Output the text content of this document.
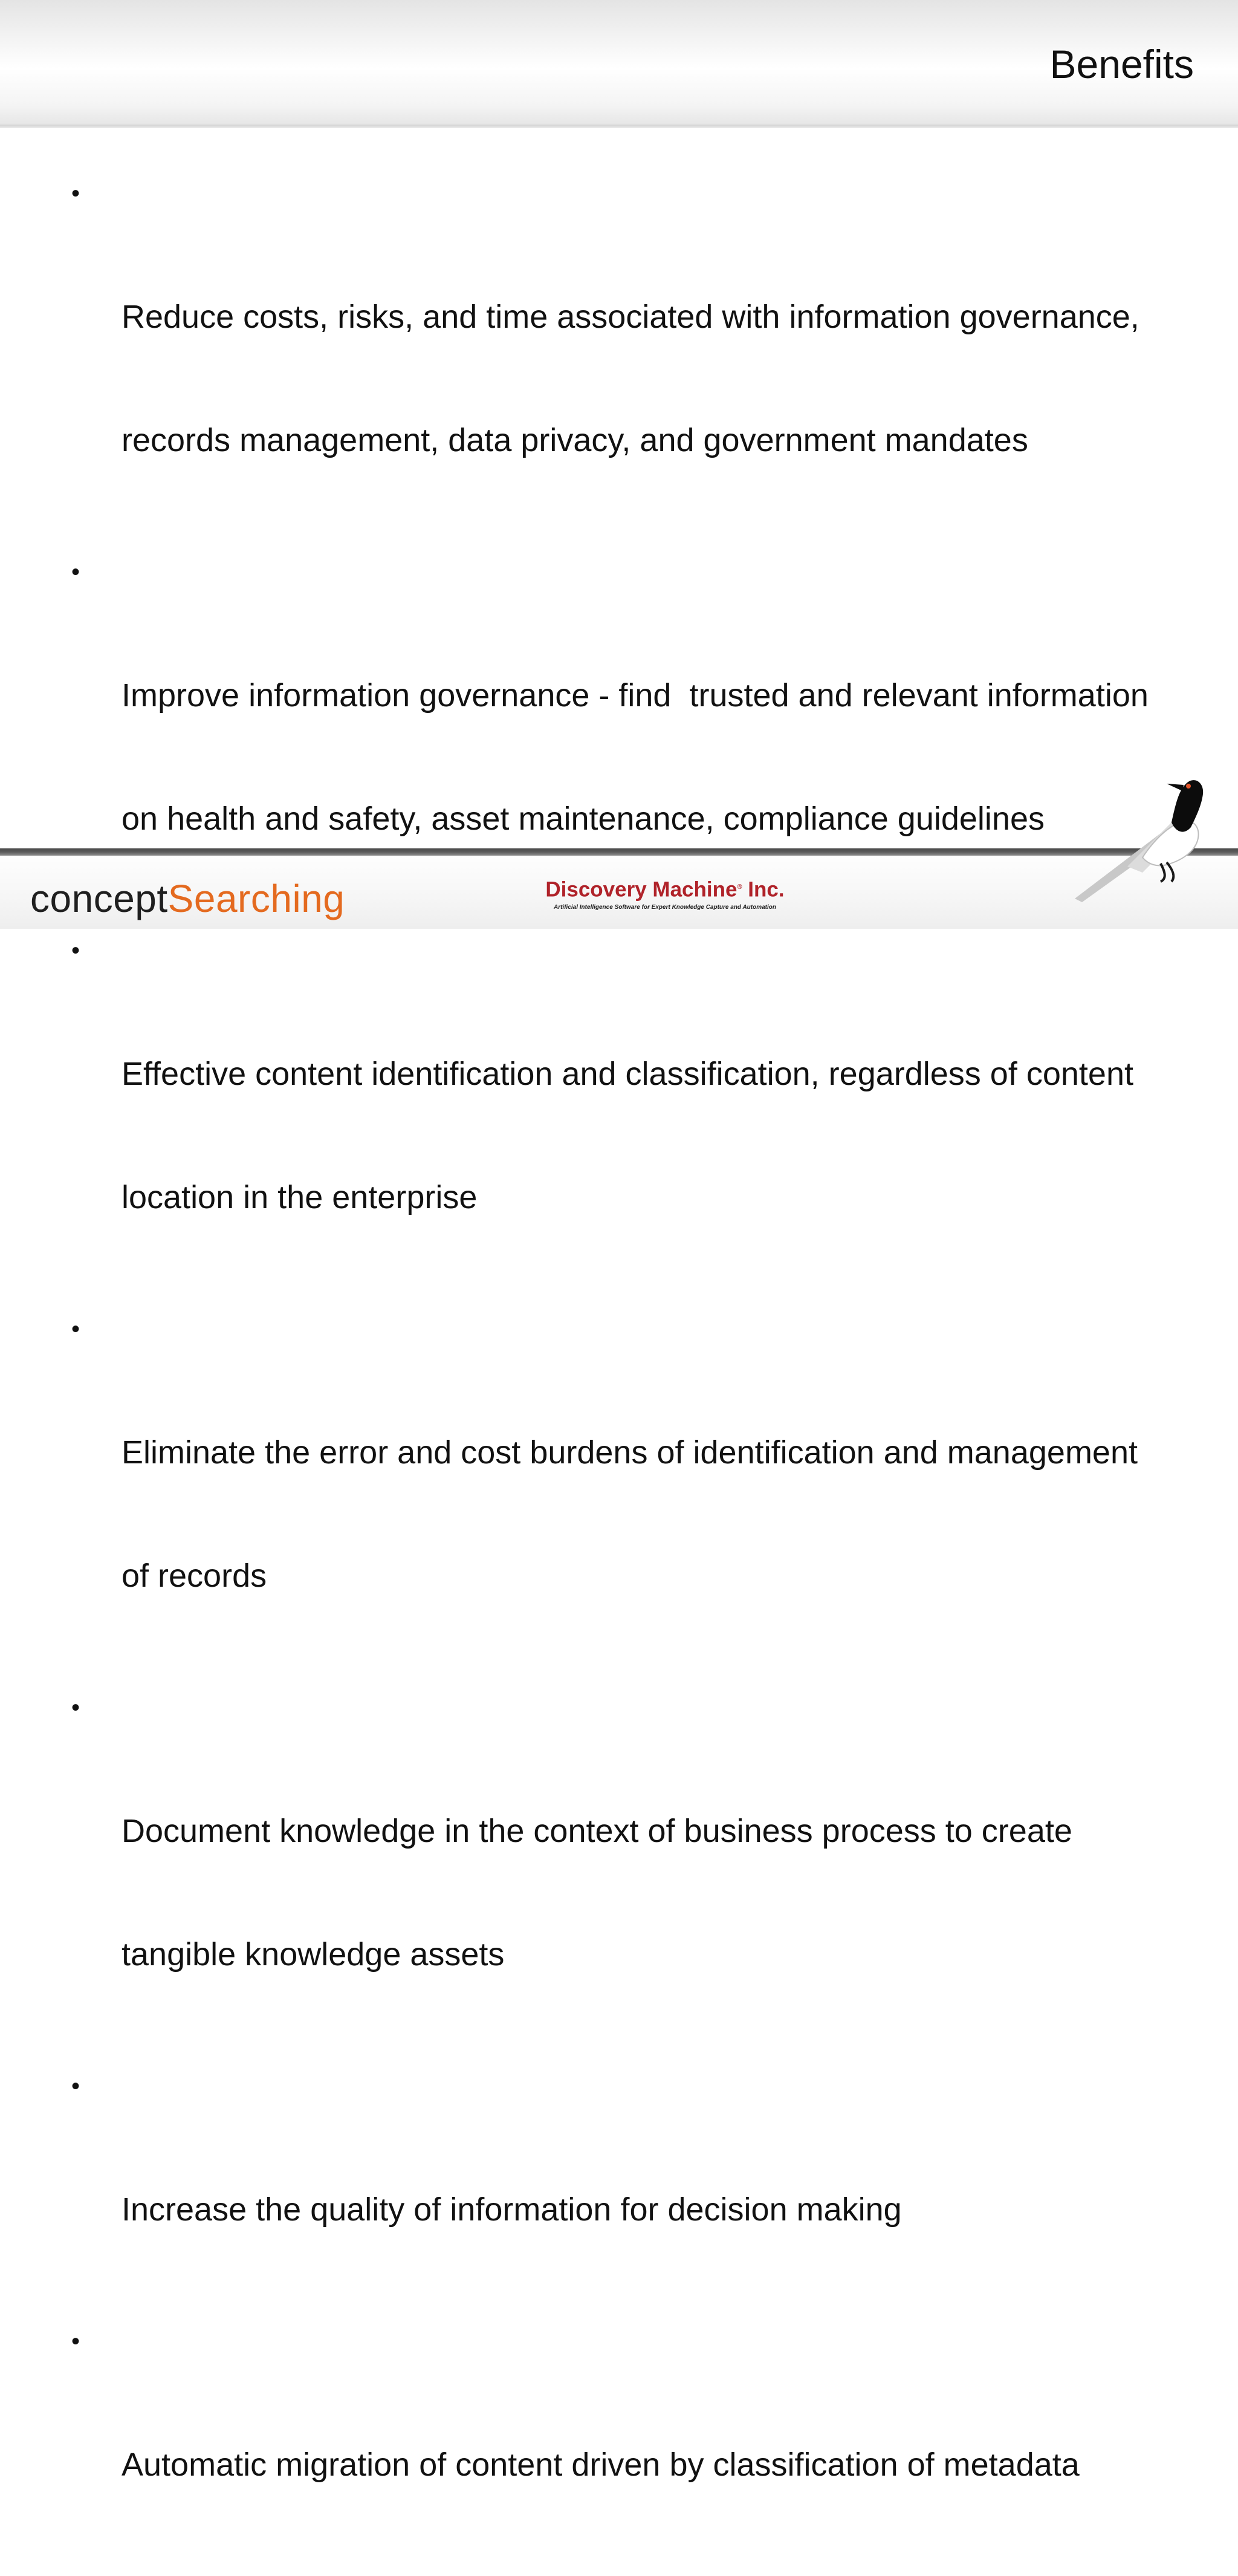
Benefits

•

Reduce costs, risks, and time associated with information governance,

records management, data privacy, and government mandates

•

Improve information governance - find  trusted and relevant information

on health and safety, asset maintenance, compliance guidelines

•

Effective content identification and classification, regardless of content

location in the enterprise

•

Eliminate the error and cost burdens of identification and management

of records

•

Document knowledge in the context of business process to create

tangible knowledge assets

•

Increase the quality of information for decision making

•

Automatic migration of content driven by classification of metadata

conceptSearching	Discovery Machine® Inc.
Artificial Intelligence Software for Expert Knowledge Capture and Automation
